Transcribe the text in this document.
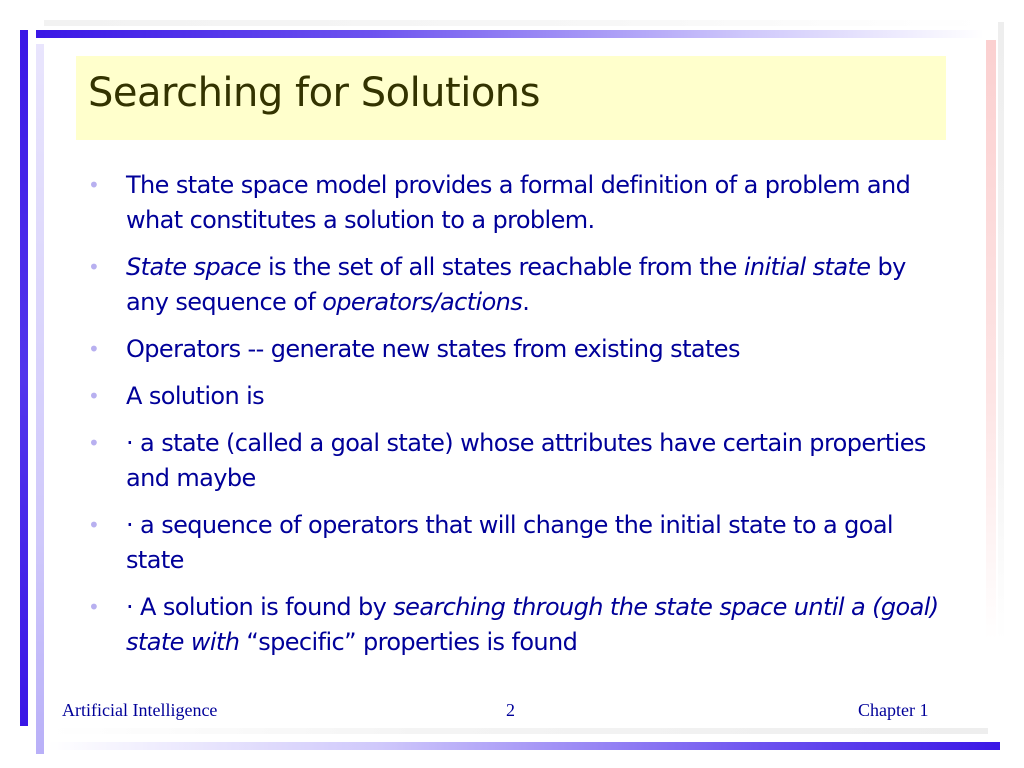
Searching for Solutions
• The state space model provides a formal definition of a problem and what constitutes a solution to a problem.
• State space is the set of all states reachable from the initial state by any sequence of operators/actions.
• Operators -- generate new states from existing states
• A solution is
• · a state (called a goal state) whose attributes have certain properties and maybe
• · a sequence of operators that will change the initial state to a goal state
• · A solution is found by searching through the state space until a (goal) state with “specific” properties is found
Artificial Intelligence	2	Chapter 1
